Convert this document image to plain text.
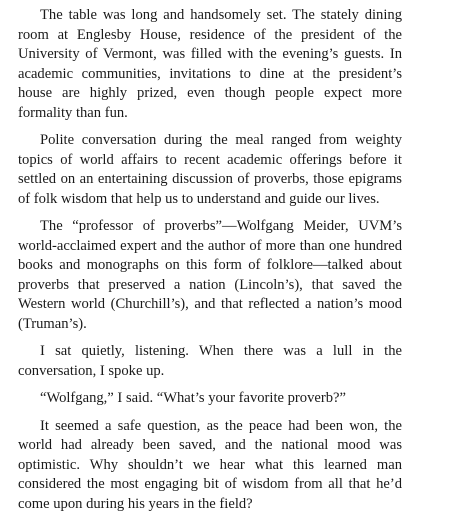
The table was long and handsomely set. The stately dining room at Englesby House, residence of the president of the University of Vermont, was filled with the evening’s guests. In academic communities, invitations to dine at the president’s house are highly prized, even though people expect more formality than fun.

Polite conversation during the meal ranged from weighty topics of world affairs to recent academic offerings before it settled on an entertaining discussion of proverbs, those epigrams of folk wisdom that help us to understand and guide our lives.

The “professor of proverbs”—Wolfgang Meider, UVM’s world-acclaimed expert and the author of more than one hundred books and monographs on this form of folklore—talked about proverbs that preserved a nation (Lincoln’s), that saved the Western world (Churchill’s), and that reflected a nation’s mood (Truman’s).

I sat quietly, listening. When there was a lull in the conversation, I spoke up.

“Wolfgang,” I said. “What’s your favorite proverb?”

It seemed a safe question, as the peace had been won, the world had already been saved, and the national mood was optimistic. Why shouldn’t we hear what this learned man considered the most engaging bit of wisdom from all that he’d come upon during his years in the field?
